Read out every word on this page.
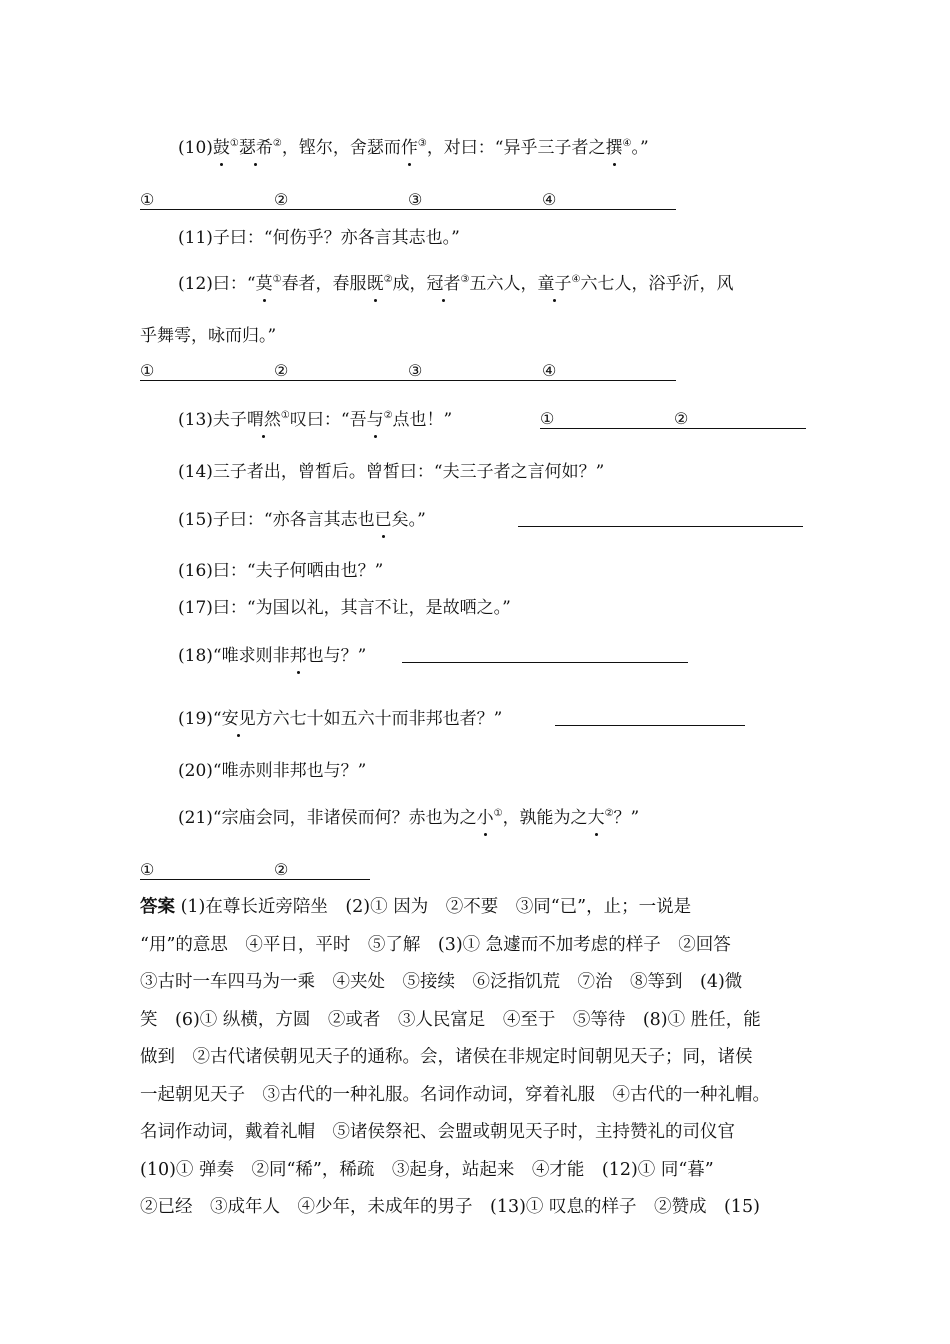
(10)鼓①瑟希②，铿尔，舍瑟而作③，对曰：“异乎三子者之撰④。”
①	②	③	④
(11)子曰：“何伤乎？亦各言其志也。”
(12)曰：“莫①春者，春服既②成，冠者③五六人，童子④六七人，浴乎沂，风
乎舞雩，咏而归。”
①	②	③	④
(13)夫子喟然①叹曰：“吾与②点也！”	①	②
(14)三子者出，曾皙后。曾皙曰：“夫三子者之言何如？”
(15)子曰：“亦各言其志也已矣。”
(16)曰：“夫子何哂由也？”
(17)曰：“为国以礼，其言不让，是故哂之。”
(18)“唯求则非邦也与？”
(19)“安见方六七十如五六十而非邦也者？”
(20)“唯赤则非邦也与？”
(21)“宗庙会同，非诸侯而何？赤也为之小①，孰能为之大②？”
①	②
答案 (1)在尊长近旁陪坐　(2)① 因为　②不要　③同“已”，止；一说是
“用”的意思　④平日，平时　⑤了解　(3)① 急遽而不加考虑的样子　②回答
③古时一车四马为一乘　④夹处　⑤接续　⑥泛指饥荒　⑦治　⑧等到　(4)微
笑　(6)① 纵横，方圆　②或者　③人民富足　④至于　⑤等待　(8)① 胜任，能
做到　②古代诸侯朝见天子的通称。会，诸侯在非规定时间朝见天子；同，诸侯
一起朝见天子　③古代的一种礼服。名词作动词，穿着礼服　④古代的一种礼帽。
名词作动词，戴着礼帽　⑤诸侯祭祀、会盟或朝见天子时，主持赞礼的司仪官
(10)① 弹奏　②同“稀”，稀疏　③起身，站起来　④才能　(12)① 同“暮”
②已经　③成年人　④少年，未成年的男子　(13)① 叹息的样子　②赞成　(15)
